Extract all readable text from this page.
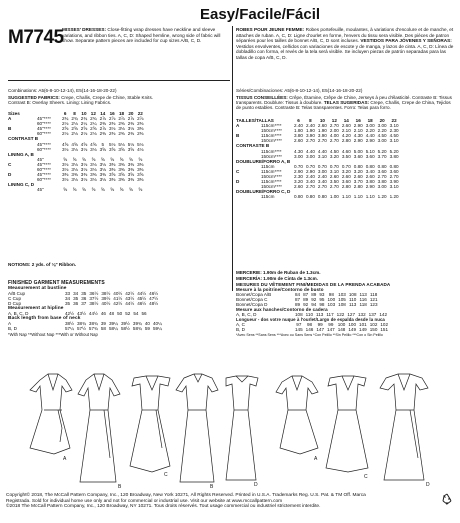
Easy/Facile/Fácil
M7745
MISSES' DRESSES: Close-fitting wrap dresses have neckline and sleeve variations, and ribbon ties. A, C, D: Shaped hemline, wrong side of fabric will show. Separate pattern pieces are included for cup sizes A/B, C, D.
ROBES POUR JEUNE FEMME: Robes portefeuille, moulantes, à variations d'encolure et de manche, et attaches de ruban. A, C, D: Ligne d'ourlet en forme, l'envers du tissu sera visible. Des pièces de patron séparées pour les tailles de bonnet A/B, C, D sont incluses. VESTIDOS PARA JÓVENES Y SEÑORAS: Vestidos envolventes, ceñidos con variaciones de escote y de manga, y lazos de cinta. A, C, D: Línea de dobladillo con forma, el revés de la tela será visible. Se incluyen piezas de patrón separadas para las tallas de copa A/B, C, D.
Combinations: A5(6-8-10-12-14), E5(14-16-18-20-22)
SUGGESTED FABRICS: Crepe, Challis, Crepe de Chine, Stable Knits.
Contrast B: Overlay Sheers. Lining: Lining Fabrics.
Sizes		6	8	10	12	14	16	18	20	22
A	45"****	2¾	2¾	2¾	2¾	2⅞	2⅞	2⅞	2⅞	2⅞
	60"****	2⅛	2⅛	2¼	2¼	2⅜	2⅜	2⅜	2⅜	2⅜
B	45"****	2⅝	2⅝	2⅝	2⅝	2⅞	3⅛	3⅛	3⅛	3⅜
	60"****	2⅛	2⅛	2⅛	2⅛	2⅜	2⅜	2⅜	2⅜	2⅜
CONTRAST B										
	45"****	4⅝	4⅝	4⅝	4⅝	5	5⅛	5⅛	5⅛	5⅛
	60"****	3⅛	3⅛	3⅛	3⅛	3⅝	3⅝	3⅝	3⅝	4⅛
LINING A, B										
	45"	⅝	⅝	⅝	⅝	⅝	⅝	⅝	⅝	⅝
C	45"****	3⅛	3⅛	3⅛	3⅛	3⅛	3⅜	3⅜	3⅜	3⅜
	60"****	3⅛	3⅛	3⅛	3⅛	3⅛	3⅜	3⅜	3⅜	3⅜
D	45"****	3⅜	3⅜	3⅜	3⅜	3⅜	3⅝	3⅝	3⅝	3⅝
	60"****	3⅛	3⅛	3⅛	3⅛	3⅛	3⅜	3⅜	3⅜	3⅜
LINING C, D										
	45"	⅝	⅝	⅝	⅝	⅝	⅝	⅝	⅝	⅝
NOTIONS: 2 yds. of ⅛" Ribbon.
FINISHED GARMENT MEASUREMENTS
Measurement at bustline
A/B Cup	33	34	35	36½	38½	40½	42½	44½	46½
C Cup	34	35	36	37½	39½	41½	43½	45½	47½
D Cup	35	36	37	38½	40½	42½	44½	46½	48½
Measurement at hipline
A, B, C, D	42½	43½	44½	46	48	50	52	54	56
Back length from base of neck
A	38½	38¾	38¾	39	39¼	39½	39¾	40	40¼
B, D	57¼	57½	57¾	58	58¼	58½	58¾	59	59¼
*With Nap **Without Nap ***With or Without Nap
Séries/Combinaciones: A5(6-8-10-12-14), E5(14-16-18-20-22)
TISSUS CONSEILLÉES: Crêpe, Étamine, Crêpe de Chine, Jerseys à peu d'élasticité. Contraste B: Tissus transparents. Doublure: Tissus à doublure. TELAS SUGERIDAS: Crepe, Challis, Crepe de China, Tejidos de punto estables. Contraste B: Telas transparentes. Forro: Telas para forro.
TAILLES/TALLAS		6	8	10	12	14	16	18	20	22
A	115cm****	2.40	2.40	2.60	2.70	2.60	2.90	3.00	3.00	3.10
	150cm****	1.80	1.90	1.90	2.00	2.10	2.10	2.20	2.20	2.30
B	115cm****	3.80	3.90	3.90	4.00	4.20	4.30	4.40	4.50	4.50
	150cm****	2.60	2.70	2.70	2.70	2.80	2.90	2.90	3.00	3.10
CONTRASTE B										
	115cm****	4.30	4.40	4.40	4.50	4.60	5.00	5.10	5.20	5.20
	150cm****	3.00	3.00	3.10	3.20	3.50	3.60	3.60	3.70	3.80
DOUBLURE/FORRO A, B										
	115cm	0.70	0.70	0.70	0.70	0.70	0.80	0.80	0.80	0.80
C	115cm****	2.90	2.90	3.00	3.10	3.20	3.20	3.40	3.60	3.60
	150cm****	2.30	2.40	2.40	2.60	2.60	2.60	2.60	2.70	2.70
D	115cm****	3.20	3.40	3.40	3.50	3.60	3.70	3.80	3.80	3.90
	150cm****	2.60	2.70	2.70	2.70	2.80	2.80	2.90	3.00	3.10
DOUBLURE/FORRO C, D										
	115cm	0.80	0.80	0.80	1.00	1.10	1.10	1.10	1.20	1.20
MERCERIE: 1.90m de Ruban de 1.3cm.
MERCERÍA: 1.90m de Cinta de 1.3cm.
MESURES DU VÊTEMENT FINI/MEDIDAS DE LA PRENDA ACABADA
Mesure à la poitrine/Contorno de busto
Bonnet/Copa A/B	84	87	89	93	98	103	108	113	118
Bonnet/Copa C	87	89	92	95	100	105	110	116	121
Bonnet/Copa D	89	92	94	98	103	108	113	118	123
Mesure aux hanches/Contorno de cadera
A, B, C, D	108	110	113	117	122	127	132	137	142
Longueur - dos votre nuque à l'ourlet/Largo de espalda desde la nuca
A, C	97	98	99	99	100	100	101	102	102
B, D	145	146	147	147	148	149	149	150	151
*Avec Sens **Sans Sens ***Avec ou Sans Sens *Con Pelillo **Sin Pelillo ***Con o Sin Pelillo
A
B
C
B	D
A
C
D
Copyright© 2018, The McCall Pattern Company, Inc., 120 Broadway, New York 10271, All Rights Reserved. Printed in U.S.A. Trademarks Reg. U.S. Pat. & TM Off. Marca
Registrada. Sold for individual home use only and not for commercial or industrial use. Visit our website at www.mccallpattern.com
©2018 The McCall Pattern Company, Inc., 120 Broadway, NY 10271. Tous droits réservés. Tout usage commercial ou industriel strictement interdite.
